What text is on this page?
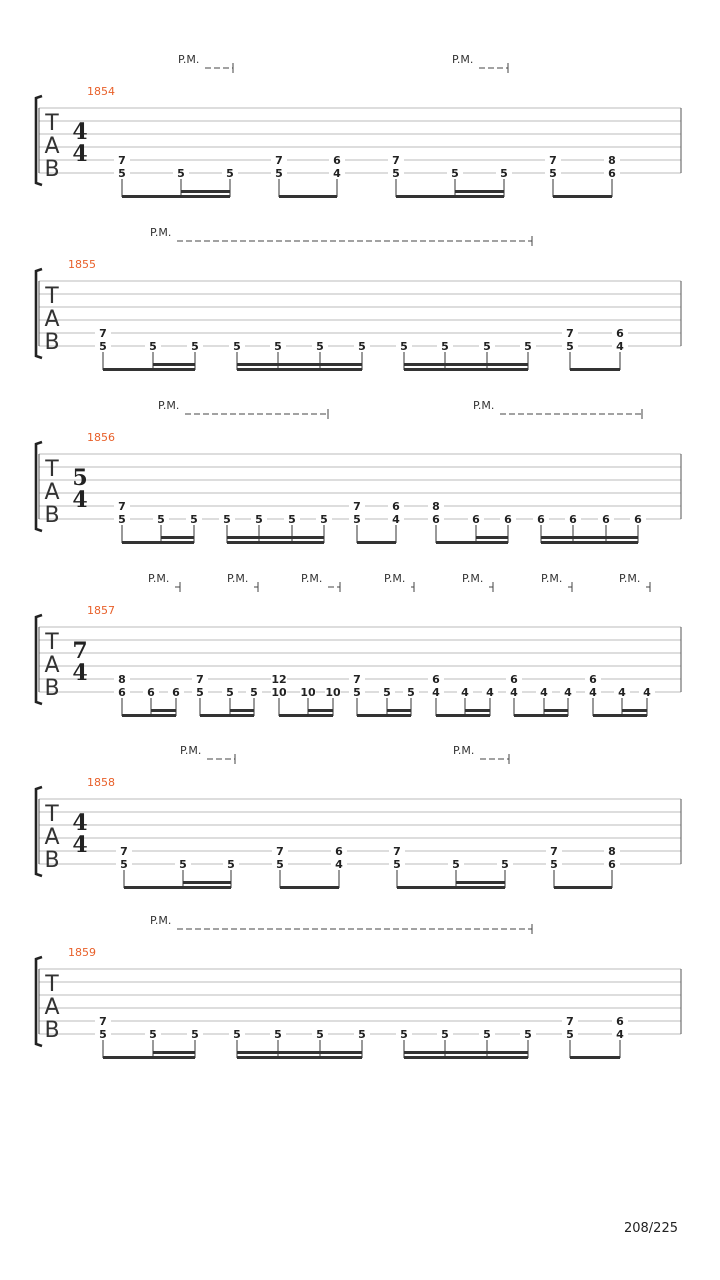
T
A
B
1854
4
4
P.M.	P.M.
7
5	5	5
7
5
6
4
7
5	5	5
7
5
8
6
T
A
B
1855
P.M.
7
5	5	5	5	5	5	5	5	5	5	5
7
5
6
4
T
A
B
1856
5
4
P.M.	P.M.
7
5	5 5 5 5 5 5
7
5
6
4
8
6	6 6 6 6 6 6
T
A
B
1857
7
4
P.M.	P.M.	P.M.	P.M.	P.M.	P.M.	P.M.
8
6 6 6
7
5 5 5
12
10 10 10
7
5 5 5
6
4 4 4
6
4 4 4
6
4 4 4
T
A
B
1858
4
4
P.M.	P.M.
7
5	5	5
7
5
6
4
7
5	5	5
7
5
8
6
T
A
B
1859
P.M.
7
5	5	5	5	5	5	5	5	5	5	5
7
5
6
4
208/225
